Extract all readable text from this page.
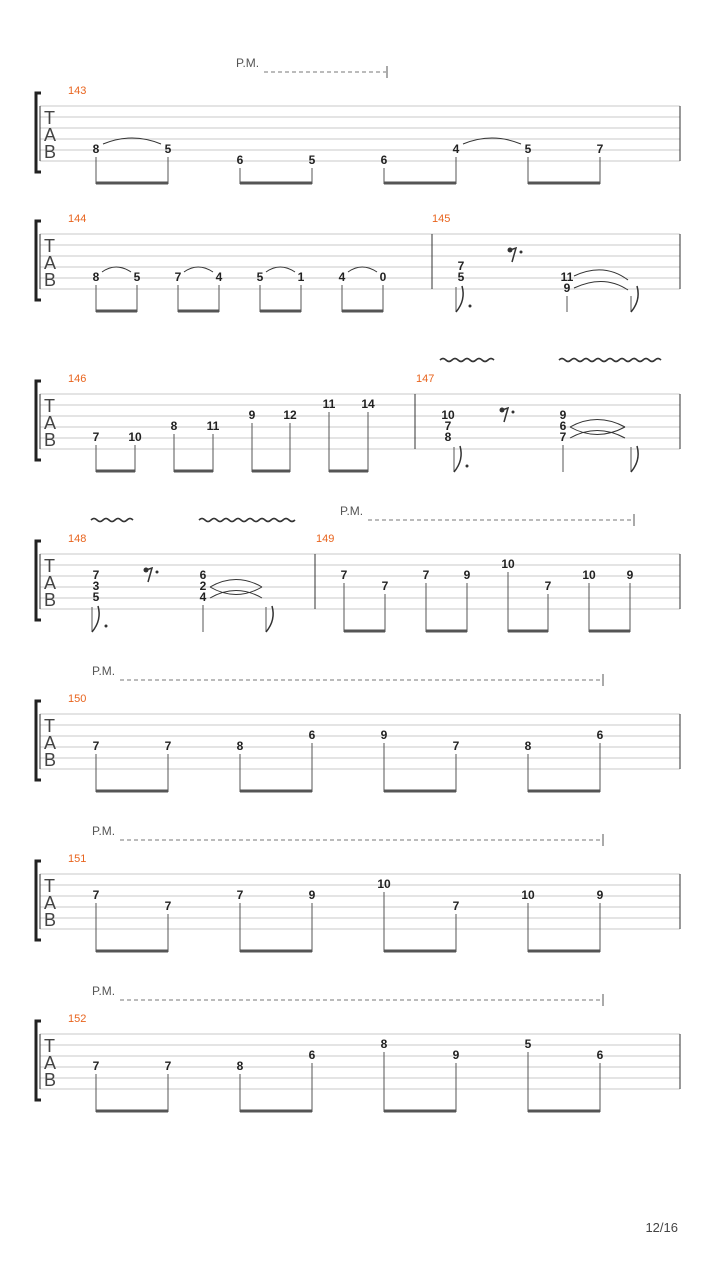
P.M.
T
A
B
143
8	5
6	5	6
4	5	7
T
A
B
144	145
8	5	7	4	5	1	4	0
7
5	11
9
T
A
B
146	147
7 10
8 11
9 12
11 14
10
7
8
9
6
7
P.M.
T
A
B
148	149
7
3
5
6
2
4
7
7
7	9
10
7
10	9
P.M.
T
A
B
150
7	7	8
6	9
7	8
6
P.M.
T
A
B
151
7
7
7	9
10
7
10	9
P.M.
T
A
B
152
7	7	8
6
8
9
5
6
12/16
